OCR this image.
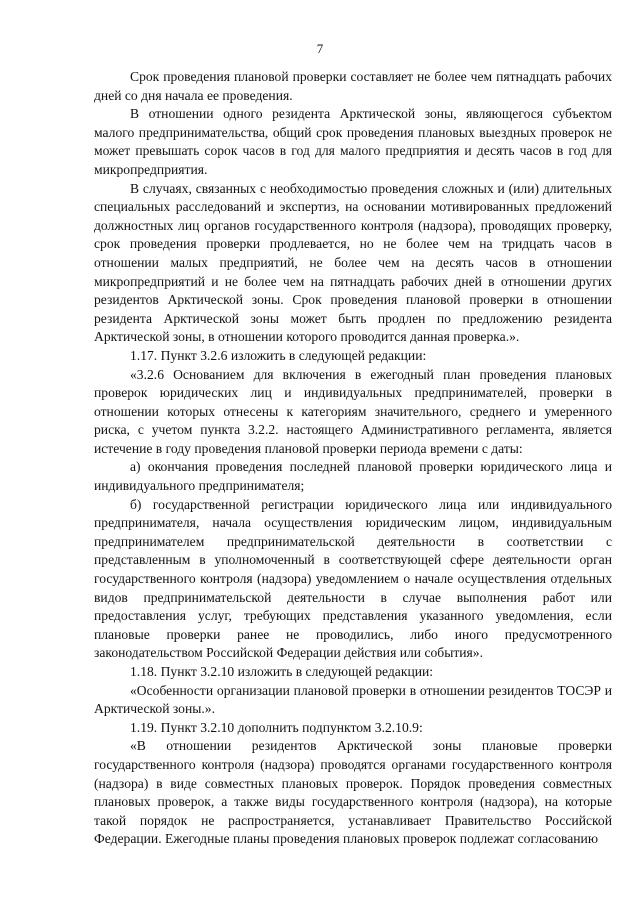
7

Срок проведения плановой проверки составляет не более чем пятнадцать рабочих дней со дня начала ее проведения.

В отношении одного резидента Арктической зоны, являющегося субъектом малого предпринимательства, общий срок проведения плановых выездных проверок не может превышать сорок часов в год для малого предприятия и десять часов в год для микропредприятия.

В случаях, связанных с необходимостью проведения сложных и (или) длительных специальных расследований и экспертиз, на основании мотивированных предложений должностных лиц органов государственного контроля (надзора), проводящих проверку, срок проведения проверки продлевается, но не более чем на тридцать часов в отношении малых предприятий, не более чем на десять часов в отношении микропредприятий и не более чем на пятнадцать рабочих дней в отношении других резидентов Арктической зоны. Срок проведения плановой проверки в отношении резидента Арктической зоны может быть продлен по предложению резидента Арктической зоны, в отношении которого проводится данная проверка.».

1.17. Пункт 3.2.6 изложить в следующей редакции:

«3.2.6 Основанием для включения в ежегодный план проведения плановых проверок юридических лиц и индивидуальных предпринимателей, проверки в отношении которых отнесены к категориям значительного, среднего и умеренного риска, с учетом пункта 3.2.2. настоящего Административного регламента, является истечение в году проведения плановой проверки периода времени с даты:

а) окончания проведения последней плановой проверки юридического лица и индивидуального предпринимателя;

б) государственной регистрации юридического лица или индивидуального предпринимателя, начала осуществления юридическим лицом, индивидуальным предпринимателем предпринимательской деятельности в соответствии с представленным в уполномоченный в соответствующей сфере деятельности орган государственного контроля (надзора) уведомлением о начале осуществления отдельных видов предпринимательской деятельности в случае выполнения работ или предоставления услуг, требующих представления указанного уведомления, если плановые проверки ранее не проводились, либо иного предусмотренного законодательством Российской Федерации действия или события».

1.18. Пункт 3.2.10 изложить в следующей редакции:

«Особенности организации плановой проверки в отношении резидентов ТОСЭР и Арктической зоны.».

1.19. Пункт 3.2.10 дополнить подпунктом 3.2.10.9:

«В отношении резидентов Арктической зоны плановые проверки государственного контроля (надзора) проводятся органами государственного контроля (надзора) в виде совместных плановых проверок. Порядок проведения совместных плановых проверок, а также виды государственного контроля (надзора), на которые такой порядок не распространяется, устанавливает Правительство Российской Федерации. Ежегодные планы проведения плановых проверок подлежат согласованию
